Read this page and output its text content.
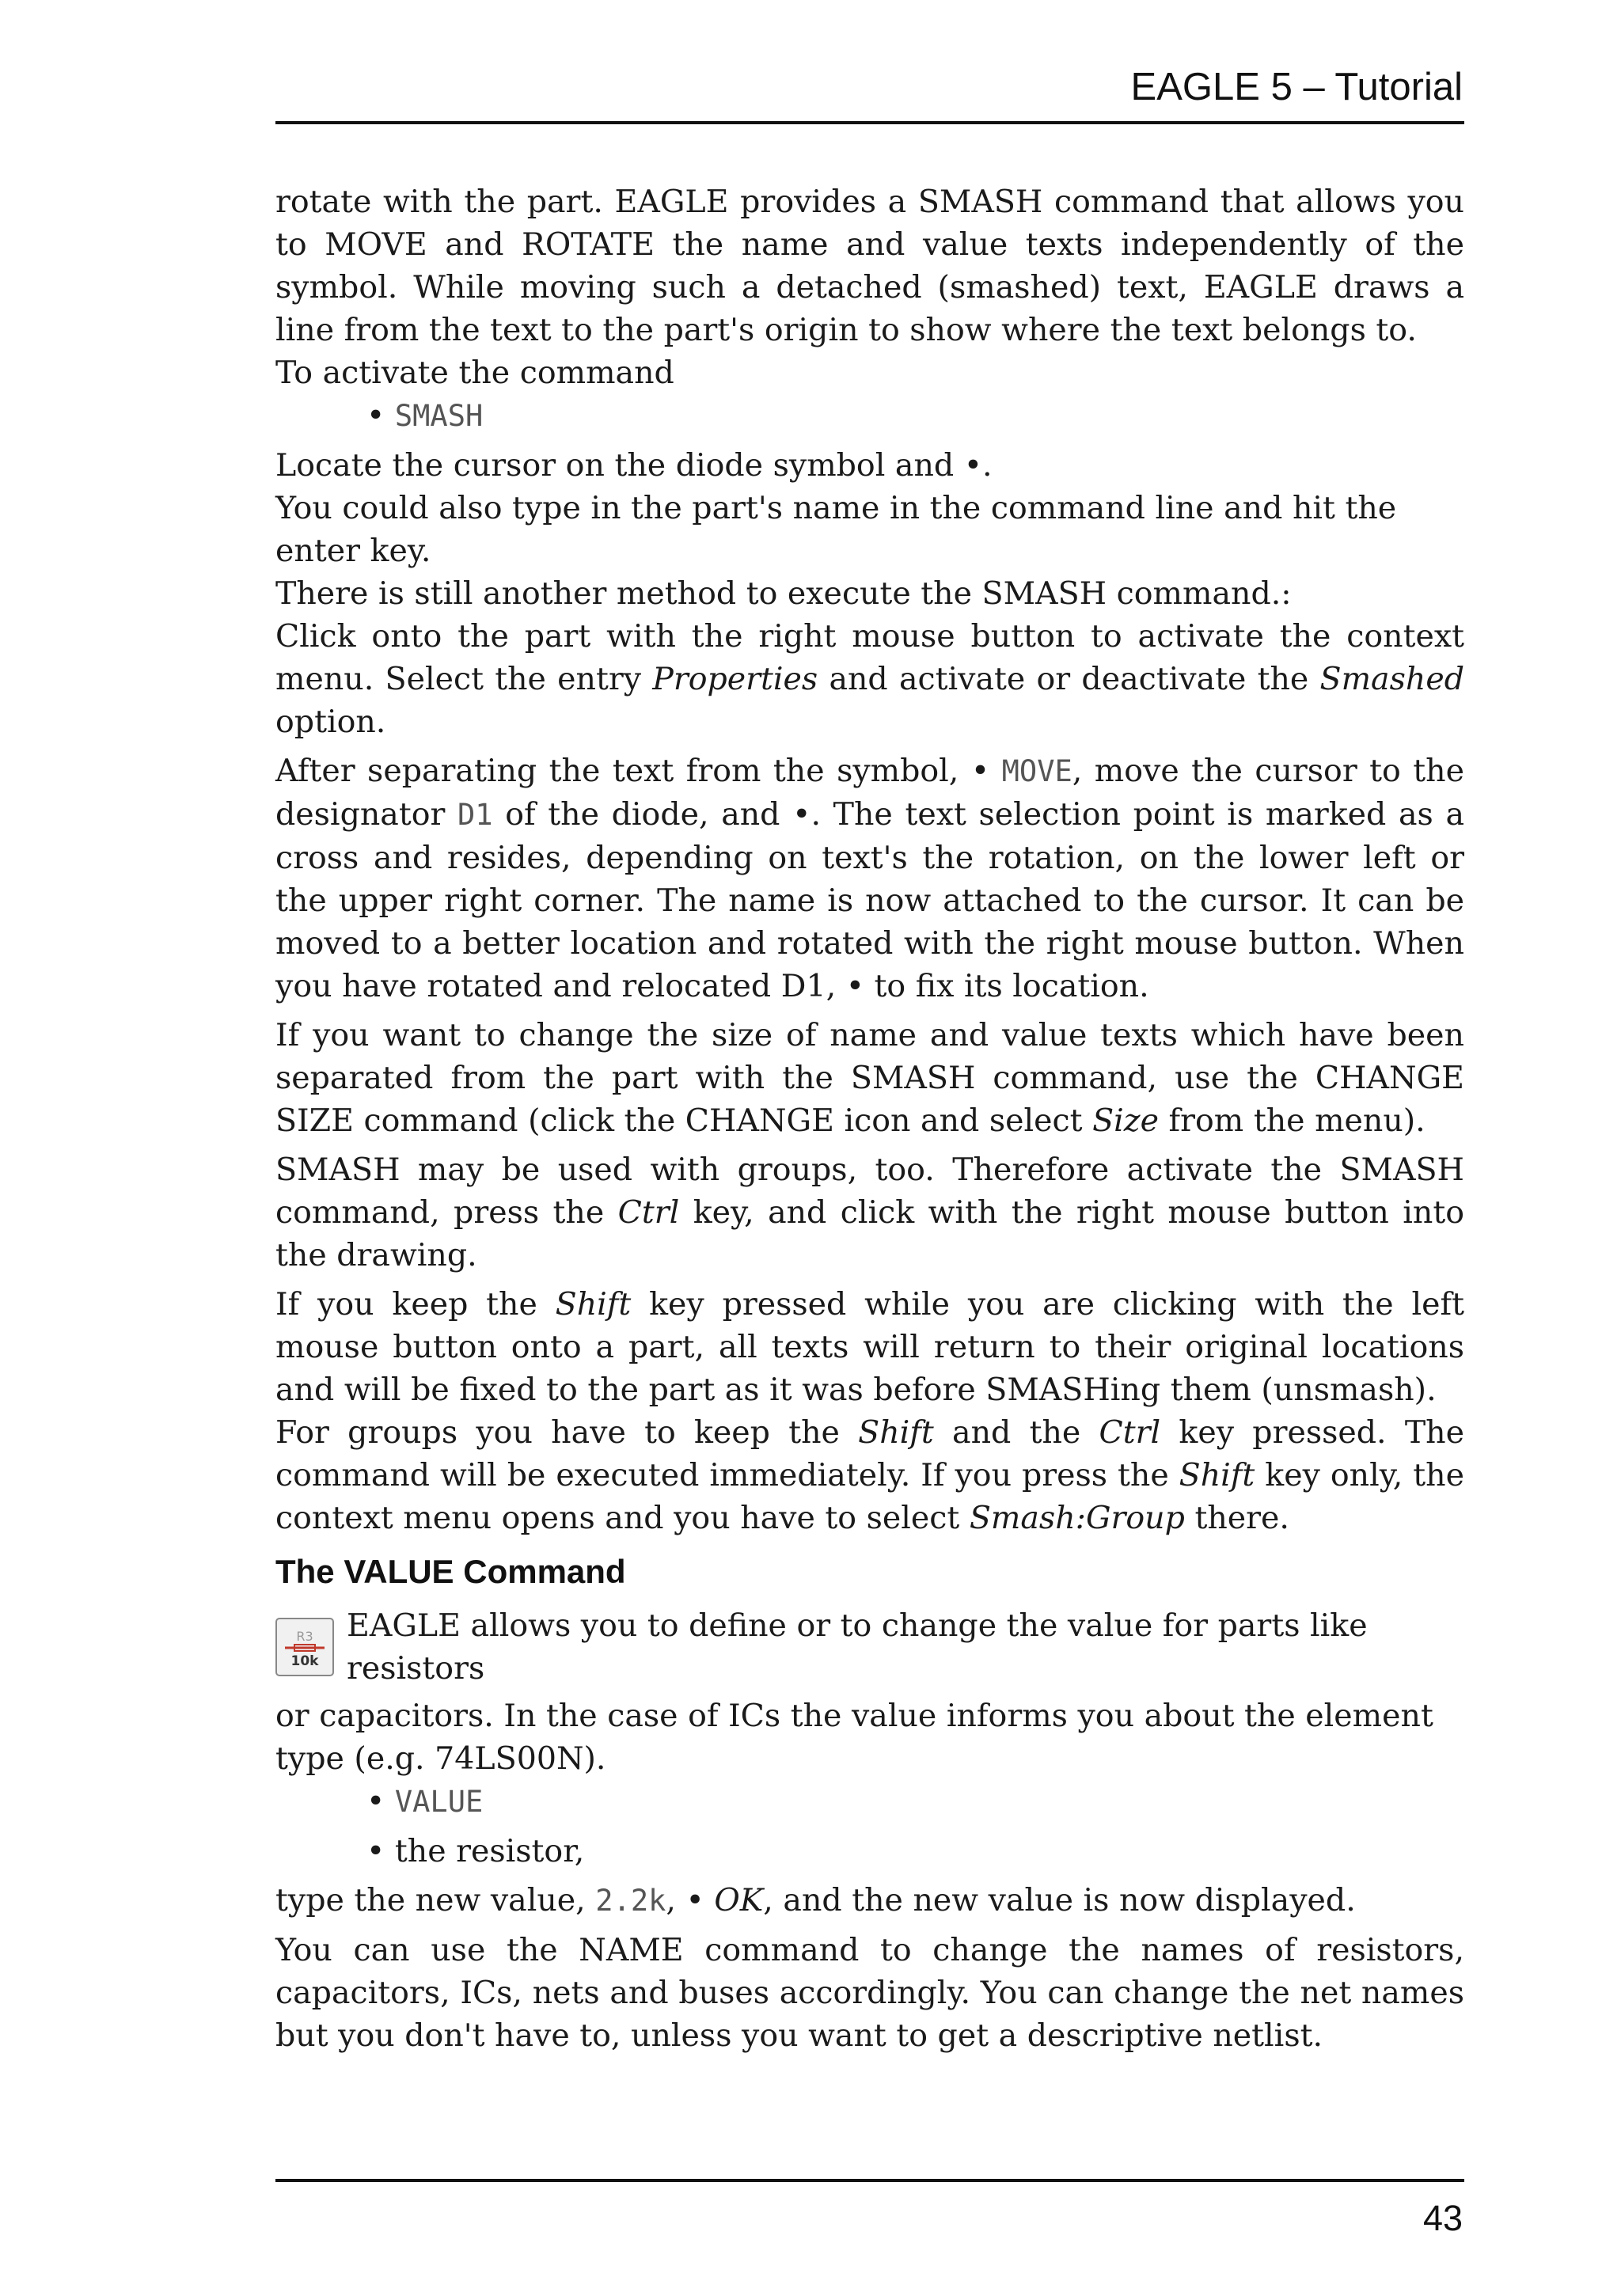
EAGLE 5 – Tutorial

rotate with the part. EAGLE provides a SMASH command that allows you to MOVE and ROTATE the name and value texts independently of the symbol. While moving such a detached (smashed) text, EAGLE draws a line from the text to the part's origin to show where the text belongs to.

To activate the command

• SMASH

Locate the cursor on the diode symbol and •.

You could also type in the part's name in the command line and hit the enter key.

There is still another method to execute the SMASH command.:

Click onto the part with the right mouse button to activate the context menu. Select the entry Properties and activate or deactivate the Smashed option.

After separating the text from the symbol, • MOVE, move the cursor to the designator D1 of the diode, and •. The text selection point is marked as a cross and resides, depending on text's the rotation, on the lower left or the upper right corner. The name is now attached to the cursor. It can be moved to a better location and rotated with the right mouse button. When you have rotated and relocated D1, • to fix its location.

If you want to change the size of name and value texts which have been separated from the part with the SMASH command, use the CHANGE SIZE command (click the CHANGE icon and select Size from the menu).

SMASH may be used with groups, too. Therefore activate the SMASH command, press the Ctrl key, and click with the right mouse button into the drawing.

If you keep the Shift key pressed while you are clicking with the left mouse button onto a part, all texts will return to their original locations and will be fixed to the part as it was before SMASHing them (unsmash).

For groups you have to keep the Shift and the Ctrl key pressed. The command will be executed immediately. If you press the Shift key only, the context menu opens and you have to select Smash:Group there.

The VALUE Command
R3
10k
EAGLE allows you to define or to change the value for parts like resistors

or capacitors. In the case of ICs the value informs you about the element type (e.g. 74LS00N).

• VALUE

• the resistor,

type the new value, 2.2k, • OK, and the new value is now displayed.

You can use the NAME command to change the names of resistors, capacitors, ICs, nets and buses accordingly. You can change the net names but you don't have to, unless you want to get a descriptive netlist.

43
